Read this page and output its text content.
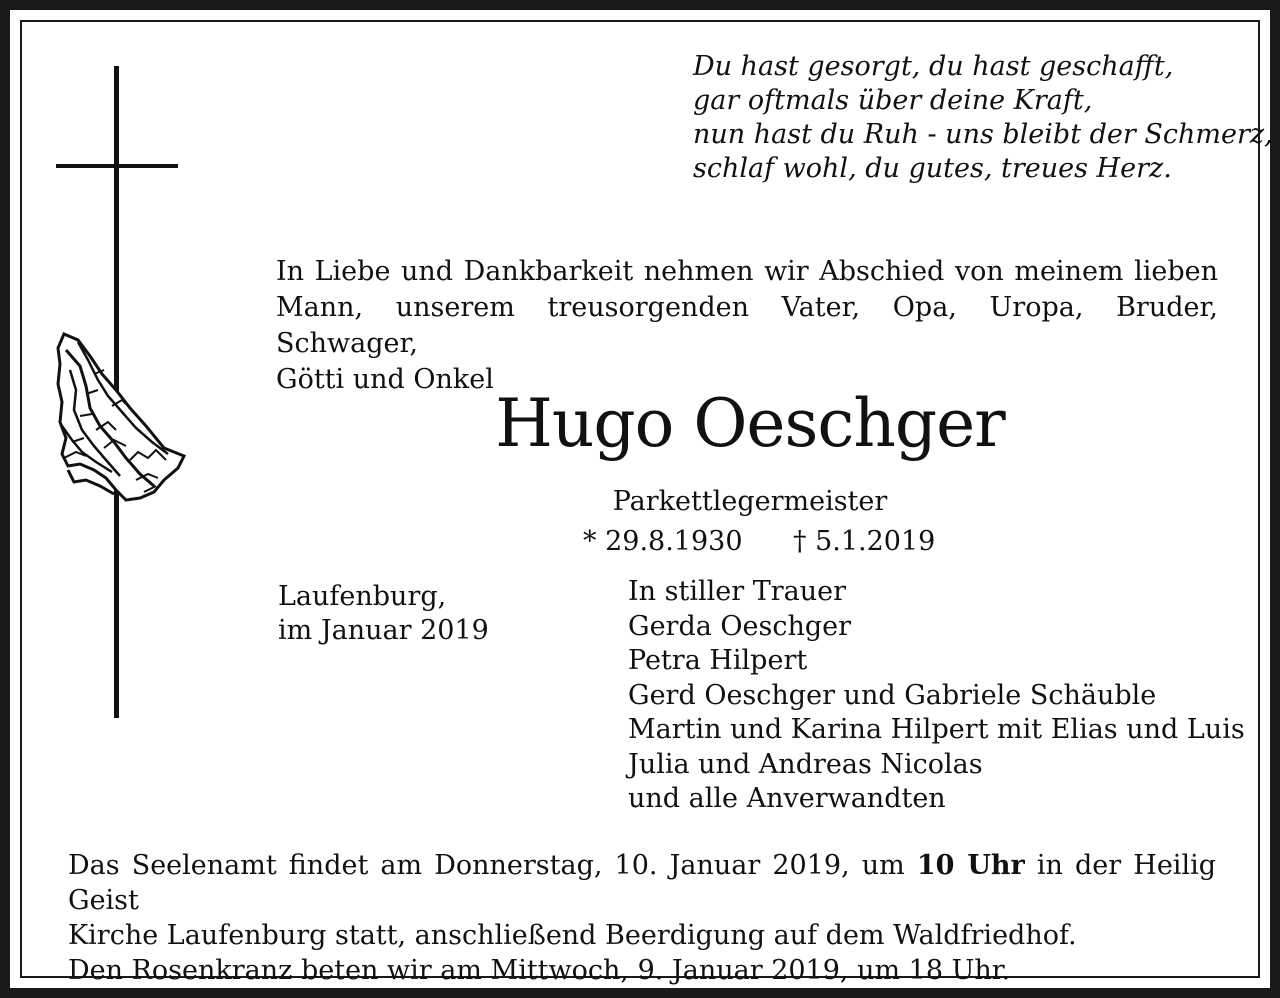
Du hast gesorgt, du hast geschafft,
gar oftmals über deine Kraft,
nun hast du Ruh - uns bleibt der Schmerz,
schlaf wohl, du gutes, treues Herz.
In Liebe und Dankbarkeit nehmen wir Abschied von meinem lieben
Mann, unserem treusorgenden Vater, Opa, Uropa, Bruder, Schwager,
Götti und Onkel
Hugo Oeschger
Parkettlegermeister
* 29.8.1930 † 5.1.2019
Laufenburg,
im Januar 2019
In stiller Trauer
Gerda Oeschger
Petra Hilpert
Gerd Oeschger und Gabriele Schäuble
Martin und Karina Hilpert mit Elias und Luis
Julia und Andreas Nicolas
und alle Anverwandten
Das Seelenamt findet am Donnerstag, 10. Januar 2019, um 10 Uhr in der Heilig Geist
Kirche Laufenburg statt, anschließend Beerdigung auf dem Waldfriedhof.
Den Rosenkranz beten wir am Mittwoch, 9. Januar 2019, um 18 Uhr.
